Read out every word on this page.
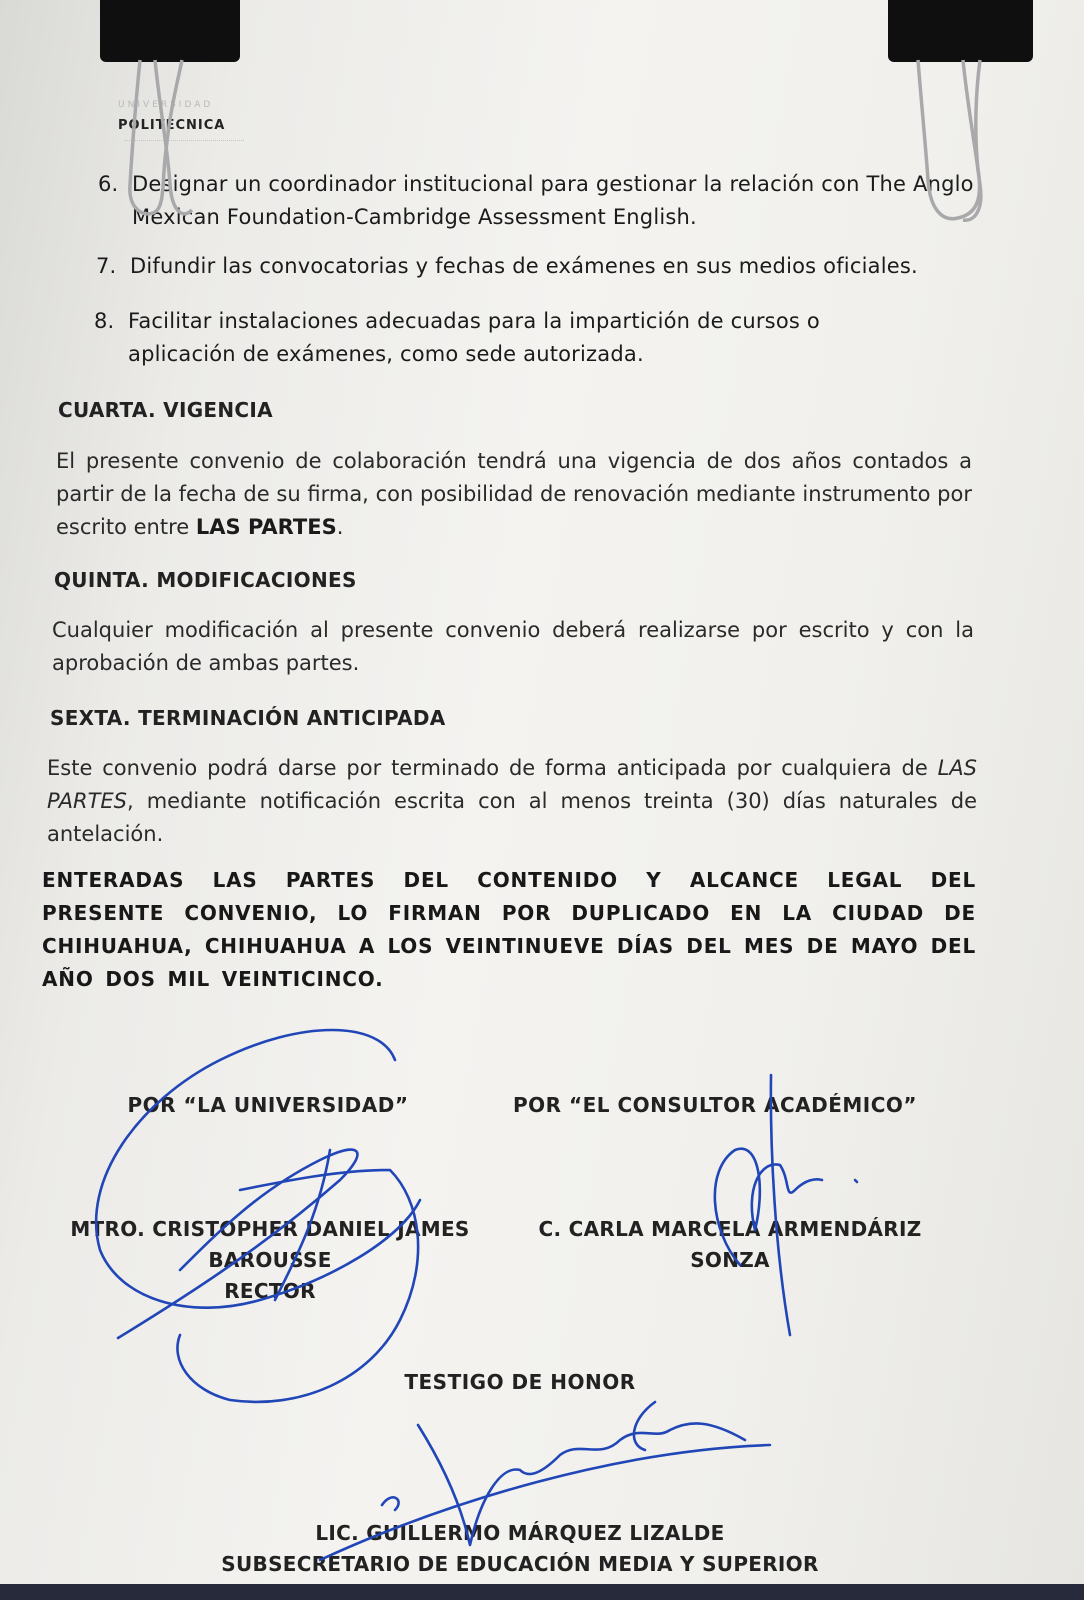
UNIVERSIDAD
POLITÉCNICA
6. Designar un coordinador institucional para gestionar la relación con The Anglo Mexican Foundation-Cambridge Assessment English.
7. Difundir las convocatorias y fechas de exámenes en sus medios oficiales.
8. Facilitar instalaciones adecuadas para la impartición de cursos o aplicación de exámenes, como sede autorizada.
CUARTA. VIGENCIA
El presente convenio de colaboración tendrá una vigencia de dos años contados a partir de la fecha de su firma, con posibilidad de renovación mediante instrumento por escrito entre LAS PARTES.
QUINTA. MODIFICACIONES
Cualquier modificación al presente convenio deberá realizarse por escrito y con la aprobación de ambas partes.
SEXTA. TERMINACIÓN ANTICIPADA
Este convenio podrá darse por terminado de forma anticipada por cualquiera de LAS PARTES, mediante notificación escrita con al menos treinta (30) días naturales de antelación.
ENTERADAS LAS PARTES DEL CONTENIDO Y ALCANCE LEGAL DEL PRESENTE CONVENIO, LO FIRMAN POR DUPLICADO EN LA CIUDAD DE CHIHUAHUA, CHIHUAHUA A LOS VEINTINUEVE DÍAS DEL MES DE MAYO DEL AÑO DOS MIL VEINTICINCO.
POR “LA UNIVERSIDAD”	POR “EL CONSULTOR ACADÉMICO”
MTRO. CRISTOPHER DANIEL JAMES
BAROUSSE
RECTOR
C. CARLA MARCELA ARMENDÁRIZ
SONZA
TESTIGO DE HONOR
LIC. GUILLERMO MÁRQUEZ LIZALDE
SUBSECRETARIO DE EDUCACIÓN MEDIA Y SUPERIOR
